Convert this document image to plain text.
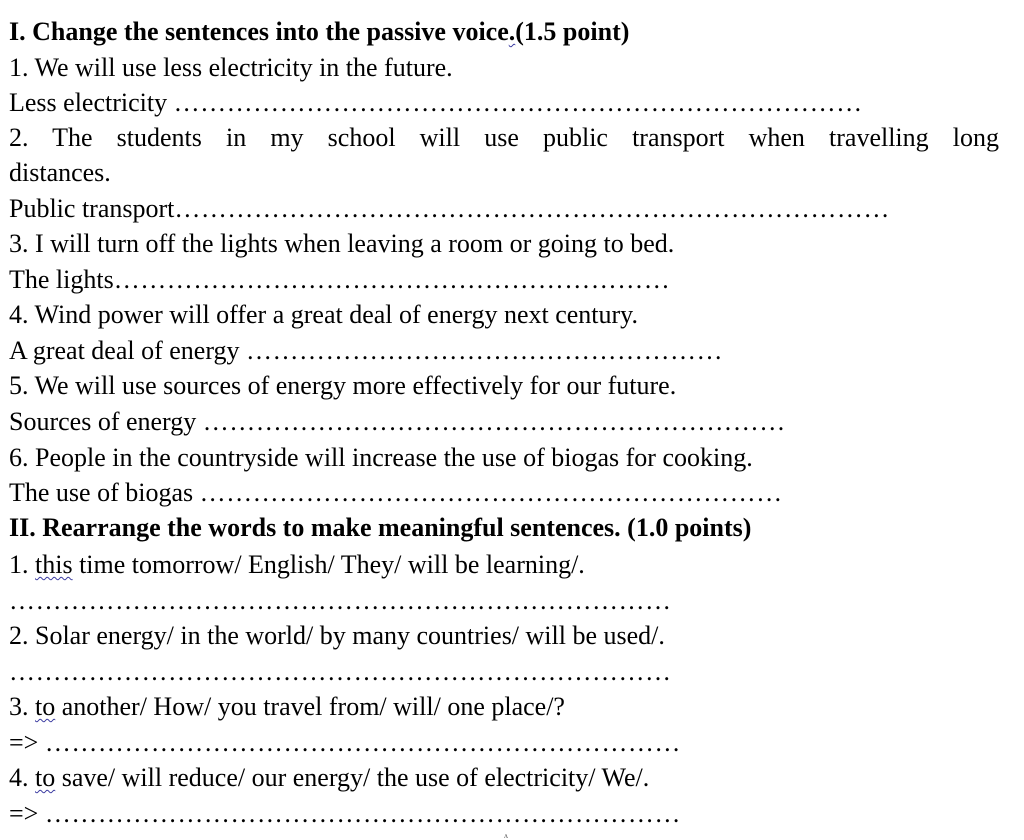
I. Change the sentences into the passive voice.(1.5 point)
1. We will use less electricity in the future.
Less electricity ……………………………………………………………………
2. The students in my school will use public transport when travelling long
distances.
Public transport………………………………………………………………………
3. I will turn off the lights when leaving a room or going to bed.
The lights………………………………………………………
4. Wind power will offer a great deal of energy next century.
A great deal of energy ………………………………………………
5. We will use sources of energy more effectively for our future.
Sources of energy …………………………………………………………
6. People in the countryside will increase the use of biogas for cooking.
The use of biogas …………………………………………………………
II. Rearrange the words to make meaningful sentences. (1.0 points)
1. this time tomorrow/ English/ They/ will be learning/.
…………………………………………………………………
2. Solar energy/ in the world/ by many countries/ will be used/.
…………………………………………………………………
3. to another/ How/ you travel from/ will/ one place/?
=> ………………………………………………………………
4. to save/ will reduce/ our energy/ the use of electricity/ We/.
=> ………………………………………………………………
ʌ
